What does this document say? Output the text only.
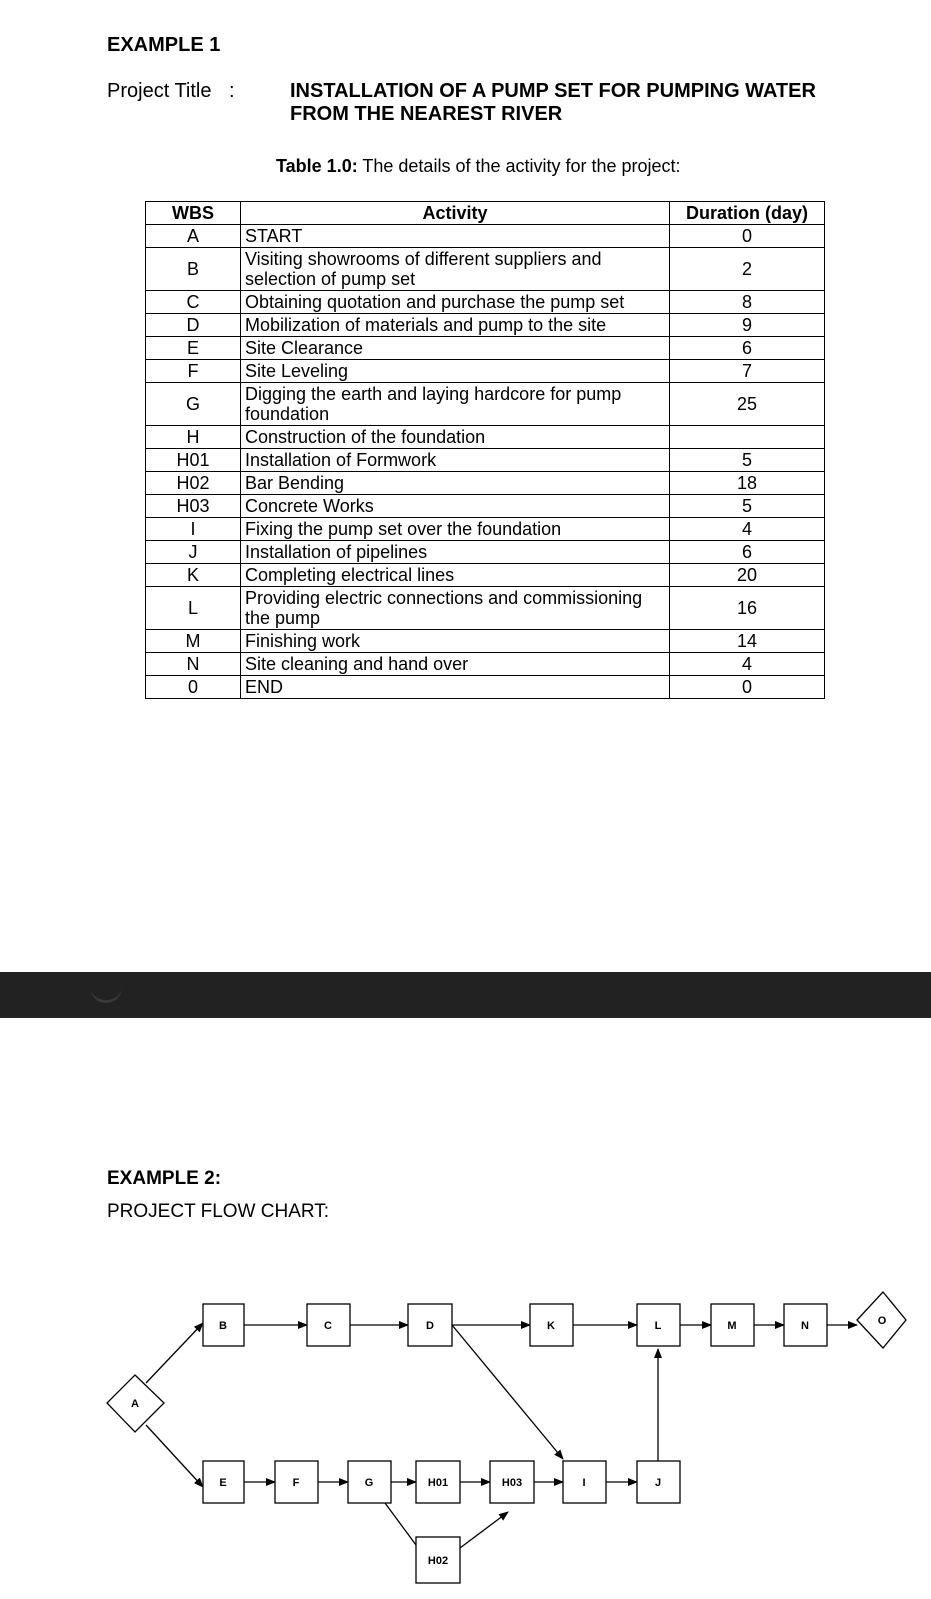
EXAMPLE 1
Project Title :	INSTALLATION OF A PUMP SET FOR PUMPING WATER
FROM THE NEAREST RIVER
Table 1.0: The details of the activity for the project:
WBS	Activity	Duration (day)
A	START	0
B	Visiting showrooms of different suppliers and selection of pump set	2
C	Obtaining quotation and purchase the pump set	8
D	Mobilization of materials and pump to the site	9
E	Site Clearance	6
F	Site Leveling	7
G	Digging the earth and laying hardcore for pump foundation	25
H	Construction of the foundation	
H01	Installation of Formwork	5
H02	Bar Bending	18
H03	Concrete Works	5
I	Fixing the pump set over the foundation	4
J	Installation of pipelines	6
K	Completing electrical lines	20
L	Providing electric connections and commissioning the pump	16
M	Finishing work	14
N	Site cleaning and hand over	4
0	END	0
EXAMPLE 2:
PROJECT FLOW CHART:
A
B	C	D	K	L	M	N	O
E	F	G	H01	H03	I	J
H02
